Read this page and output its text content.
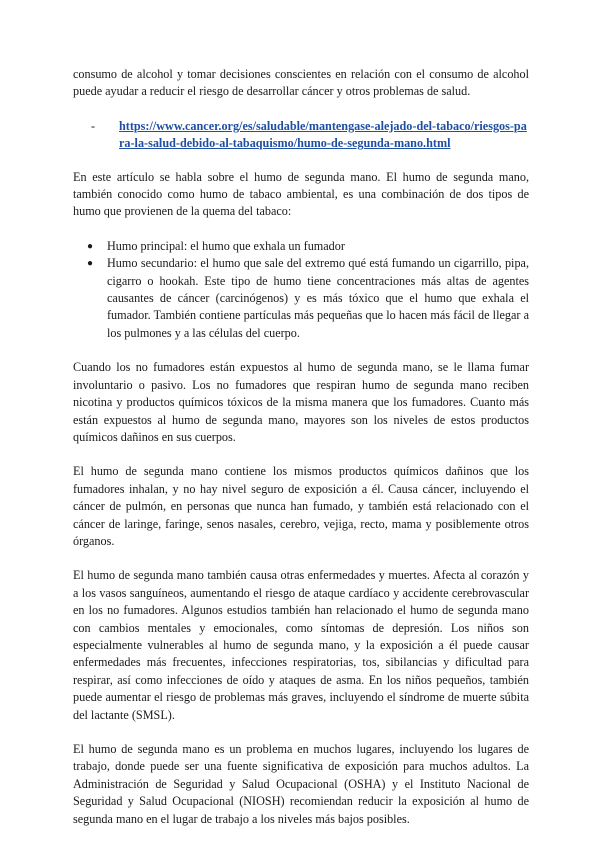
consumo de alcohol y tomar decisiones conscientes en relación con el consumo de alcohol puede ayudar a reducir el riesgo de desarrollar cáncer y otros problemas de salud.

- https://www.cancer.org/es/saludable/mantengase-alejado-del-tabaco/riesgos-para-la-salud-debido-al-tabaquismo/humo-de-segunda-mano.html

En este artículo se habla sobre el humo de segunda mano. El humo de segunda mano, también conocido como humo de tabaco ambiental, es una combinación de dos tipos de humo que provienen de la quema del tabaco:

● Humo principal: el humo que exhala un fumador
● Humo secundario: el humo que sale del extremo qué está fumando un cigarrillo, pipa, cigarro o hookah. Este tipo de humo tiene concentraciones más altas de agentes causantes de cáncer (carcinógenos) y es más tóxico que el humo que exhala el fumador. También contiene partículas más pequeñas que lo hacen más fácil de llegar a los pulmones y a las células del cuerpo.

Cuando los no fumadores están expuestos al humo de segunda mano, se le llama fumar involuntario o pasivo. Los no fumadores que respiran humo de segunda mano reciben nicotina y productos químicos tóxicos de la misma manera que los fumadores. Cuanto más están expuestos al humo de segunda mano, mayores son los niveles de estos productos químicos dañinos en sus cuerpos.

El humo de segunda mano contiene los mismos productos químicos dañinos que los fumadores inhalan, y no hay nivel seguro de exposición a él. Causa cáncer, incluyendo el cáncer de pulmón, en personas que nunca han fumado, y también está relacionado con el cáncer de laringe, faringe, senos nasales, cerebro, vejiga, recto, mama y posiblemente otros órganos.

El humo de segunda mano también causa otras enfermedades y muertes. Afecta al corazón y a los vasos sanguíneos, aumentando el riesgo de ataque cardíaco y accidente cerebrovascular en los no fumadores. Algunos estudios también han relacionado el humo de segunda mano con cambios mentales y emocionales, como síntomas de depresión. Los niños son especialmente vulnerables al humo de segunda mano, y la exposición a él puede causar enfermedades más frecuentes, infecciones respiratorias, tos, sibilancias y dificultad para respirar, así como infecciones de oído y ataques de asma. En los niños pequeños, también puede aumentar el riesgo de problemas más graves, incluyendo el síndrome de muerte súbita del lactante (SMSL).

El humo de segunda mano es un problema en muchos lugares, incluyendo los lugares de trabajo, donde puede ser una fuente significativa de exposición para muchos adultos. La Administración de Seguridad y Salud Ocupacional (OSHA) y el Instituto Nacional de Seguridad y Salud Ocupacional (NIOSH) recomiendan reducir la exposición al humo de segunda mano en el lugar de trabajo a los niveles más bajos posibles.
